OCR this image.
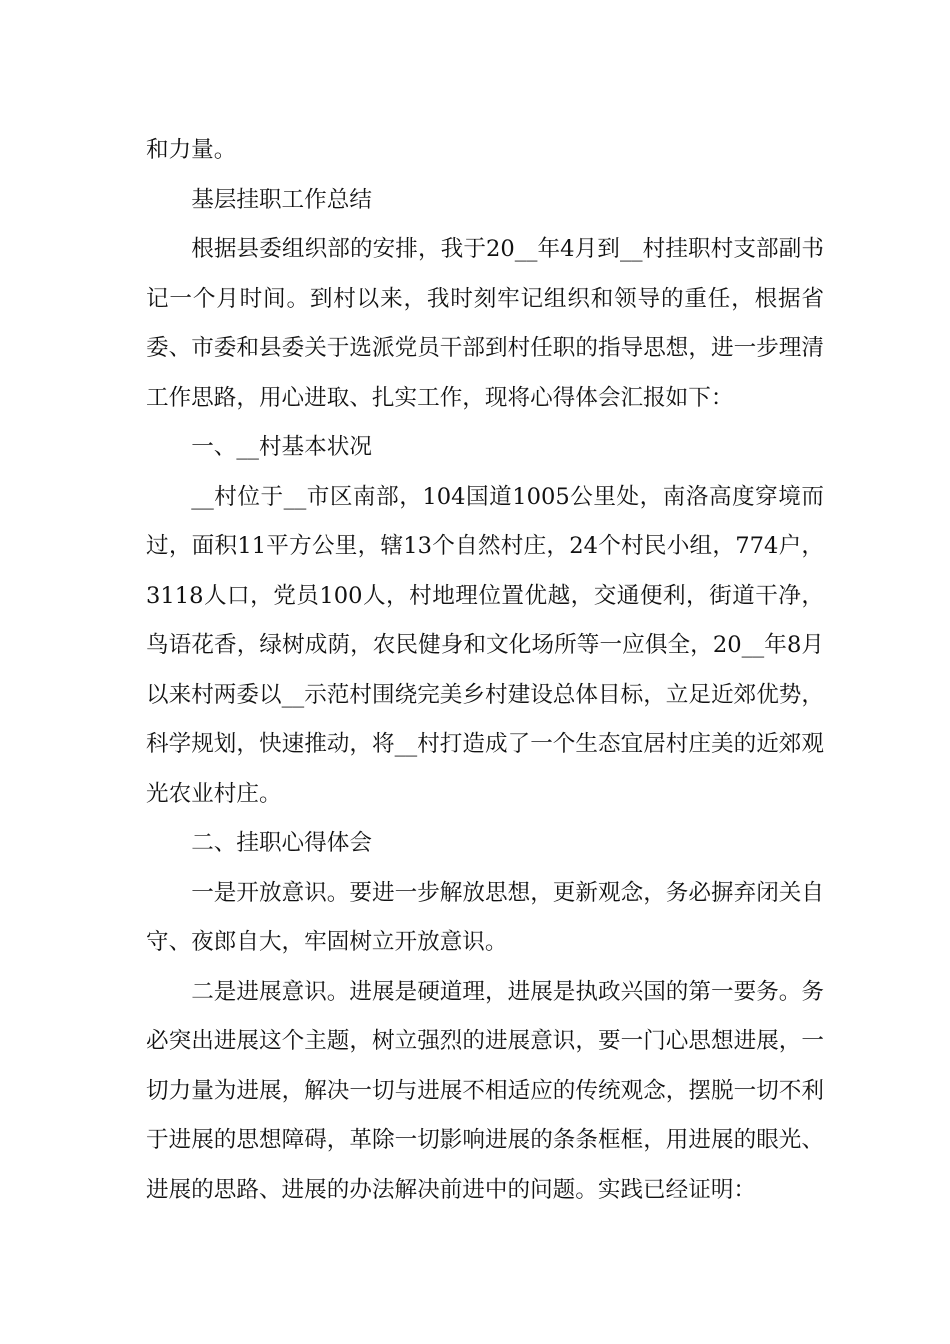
和力量。

基层挂职工作总结

根据县委组织部的安排，我于20__年4月到__村挂职村支部副书记一个月时间。到村以来，我时刻牢记组织和领导的重任，根据省委、市委和县委关于选派党员干部到村任职的指导思想，进一步理清工作思路，用心进取、扎实工作，现将心得体会汇报如下：

一、__村基本状况

__村位于__市区南部，104国道1005公里处，南洛高度穿境而过，面积11平方公里，辖13个自然村庄，24个村民小组，774户，3118人口，党员100人，村地理位置优越，交通便利，街道干净，鸟语花香，绿树成荫，农民健身和文化场所等一应俱全，20__年8月以来村两委以__示范村围绕完美乡村建设总体目标，立足近郊优势，科学规划，快速推动，将__村打造成了一个生态宜居村庄美的近郊观光农业村庄。

二、挂职心得体会

一是开放意识。要进一步解放思想，更新观念，务必摒弃闭关自守、夜郎自大，牢固树立开放意识。

二是进展意识。进展是硬道理，进展是执政兴国的第一要务。务必突出进展这个主题，树立强烈的进展意识，要一门心思想进展，一切力量为进展，解决一切与进展不相适应的传统观念，摆脱一切不利于进展的思想障碍，革除一切影响进展的条条框框，用进展的眼光、进展的思路、进展的办法解决前进中的问题。实践已经证明：
